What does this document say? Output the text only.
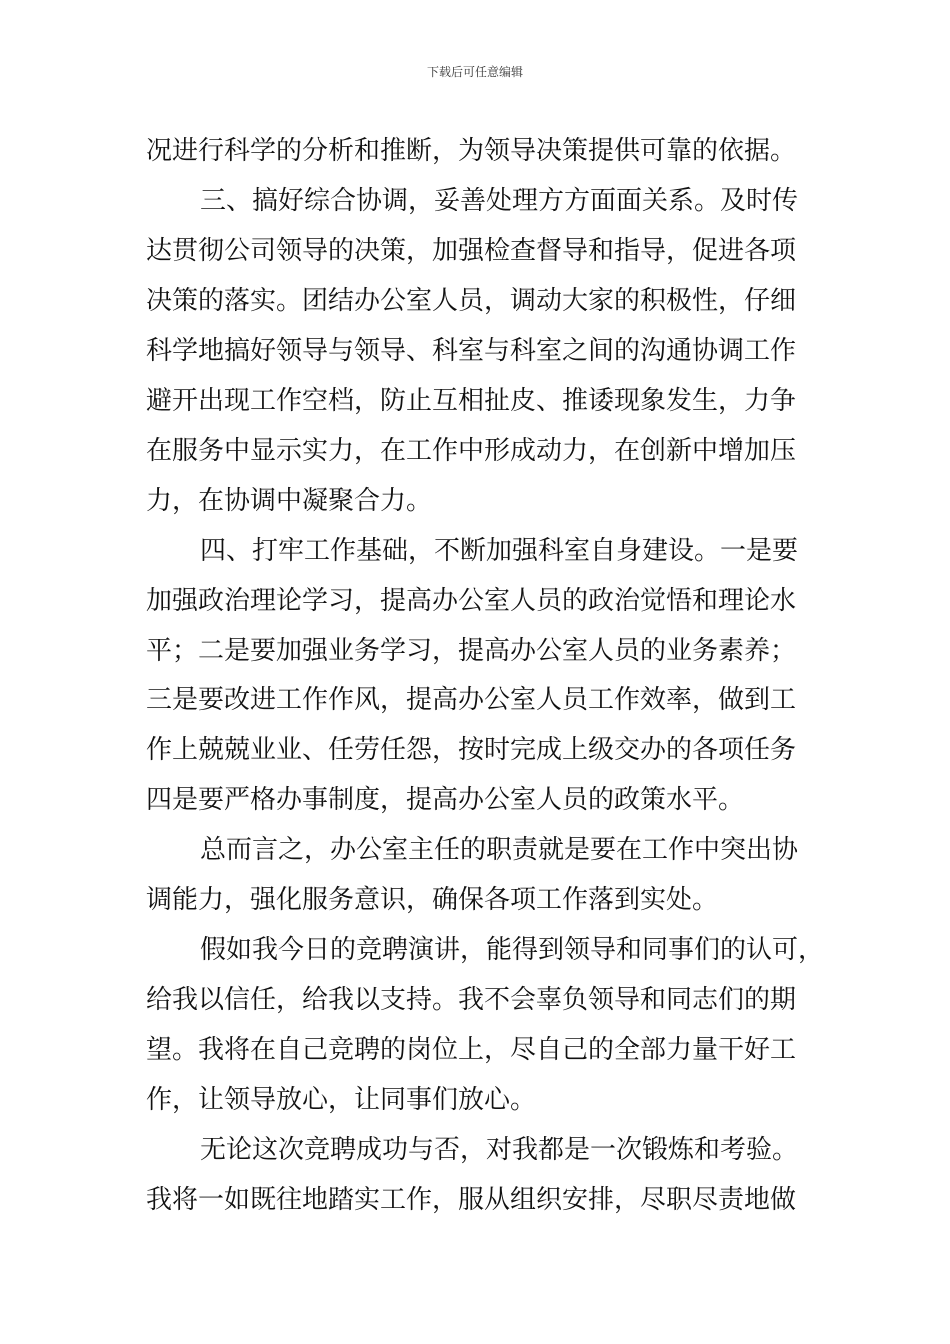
下载后可任意编辑
况进行科学的分析和推断，为领导决策提供可靠的依据。
三、搞好综合协调，妥善处理方方面面关系。及时传
达贯彻公司领导的决策，加强检查督导和指导，促进各项
决策的落实。团结办公室人员，调动大家的积极性，仔细
科学地搞好领导与领导、科室与科室之间的沟通协调工作
避开出现工作空档，防止互相扯皮、推诿现象发生，力争
在服务中显示实力，在工作中形成动力，在创新中增加压
力，在协调中凝聚合力。
四、打牢工作基础，不断加强科室自身建设。一是要
加强政治理论学习，提高办公室人员的政治觉悟和理论水
平；二是要加强业务学习，提高办公室人员的业务素养；
三是要改进工作作风，提高办公室人员工作效率，做到工
作上兢兢业业、任劳任怨，按时完成上级交办的各项任务
四是要严格办事制度，提高办公室人员的政策水平。
总而言之，办公室主任的职责就是要在工作中突出协
调能力，强化服务意识，确保各项工作落到实处。
假如我今日的竞聘演讲，能得到领导和同事们的认可，
给我以信任，给我以支持。我不会辜负领导和同志们的期
望。我将在自己竞聘的岗位上，尽自己的全部力量干好工
作，让领导放心，让同事们放心。
无论这次竞聘成功与否，对我都是一次锻炼和考验。
我将一如既往地踏实工作，服从组织安排，尽职尽责地做
